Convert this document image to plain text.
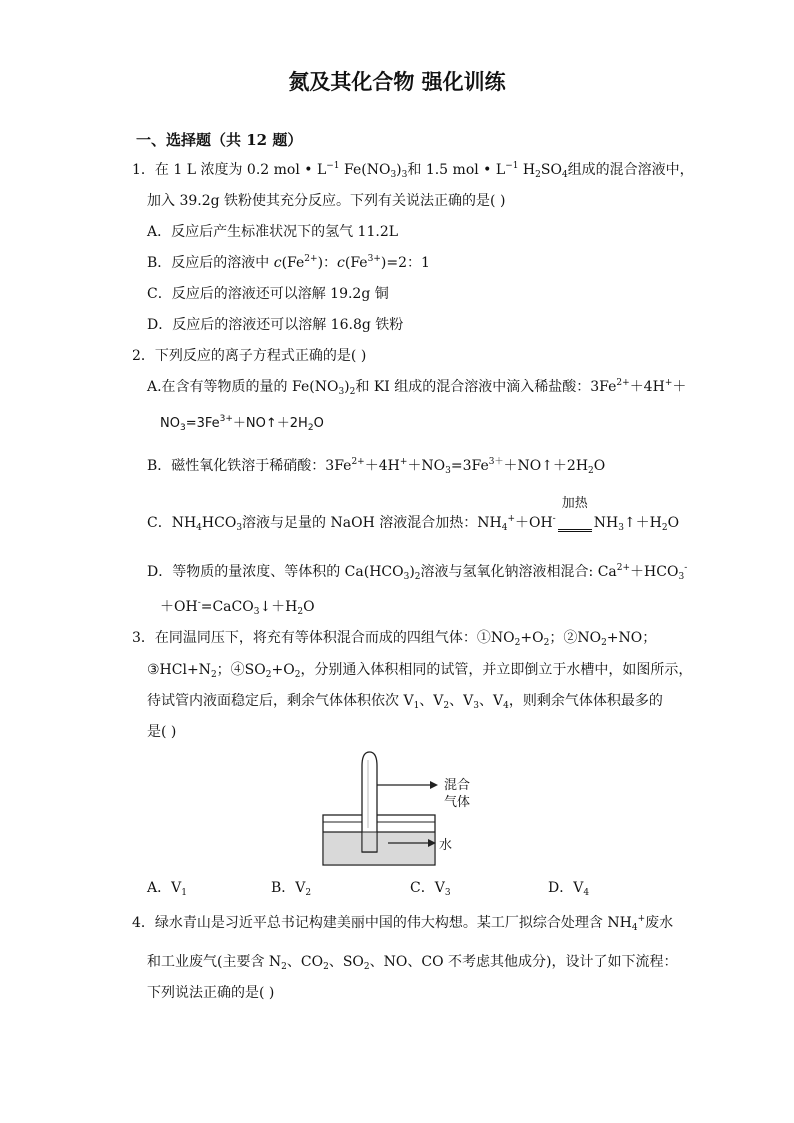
氮及其化合物 强化训练
一、选择题（共 12 题）
1．在 1 L 浓度为 0.2 mol • $L^{-1}$ $Fe(NO_3)_3$和 1.5 mol • $L^{-1}$ $H_2SO_4$组成的混合溶液中，
加入 39.2g 铁粉使其充分反应。下列有关说法正确的是( )
A．反应后产生标准状况下的氢气 11.2L
B．反应后的溶液中 $c(Fe^{2+})$：$c(Fe^{3+})=2$：1
C．反应后的溶液还可以溶解 19.2g 铜
D．反应后的溶液还可以溶解 16.8g 铁粉
2．下列反应的离子方程式正确的是( )
A.在含有等物质的量的 $Fe(NO_3)_2$和 KI 组成的混合溶液中滴入稀盐酸：$3Fe^{2+}+4H^++$
$NO_3=3Fe^{3+}+NO↑+2H_2O$
B．磁性氧化铁溶于稀硝酸：$3Fe^{2+}+4H^++NO_3=3Fe^{3+}+NO↑+2H_2O$
C．$NH_4HCO_3$溶液与足量的 NaOH 溶液混合加热：$NH_4^++OH^-$
加热
$NH_3↑+H_2O$
D．等物质的量浓度、等体积的 $Ca(HCO_3)_2$溶液与氢氧化钠溶液相混合: $Ca^{2+}+HCO_3^-$
$+OH^-=CaCO_3↓+H_2O$
3．在同温同压下，将充有等体积混合而成的四组气体：$①NO_2+O_2$；$②NO_2+NO$；
$③HCl+N_2$；$④SO_2+O_2$，分别通入体积相同的试管，并立即倒立于水槽中，如图所示，
待试管内液面稳定后，剩余气体体积依次 $V_1$、$V_2$、$V_3$、$V_4$，则剩余气体体积最多的
是( )
混合
气体
水
A．$V_1$	B．$V_2$	C．$V_3$	D．$V_4$
4．绿水青山是习近平总书记构建美丽中国的伟大构想。某工厂拟综合处理含 $NH_4^+$废水
和工业废气(主要含 $N_2$、$CO_2$、$SO_2$、NO、CO 不考虑其他成分)，设计了如下流程：
下列说法正确的是( )
